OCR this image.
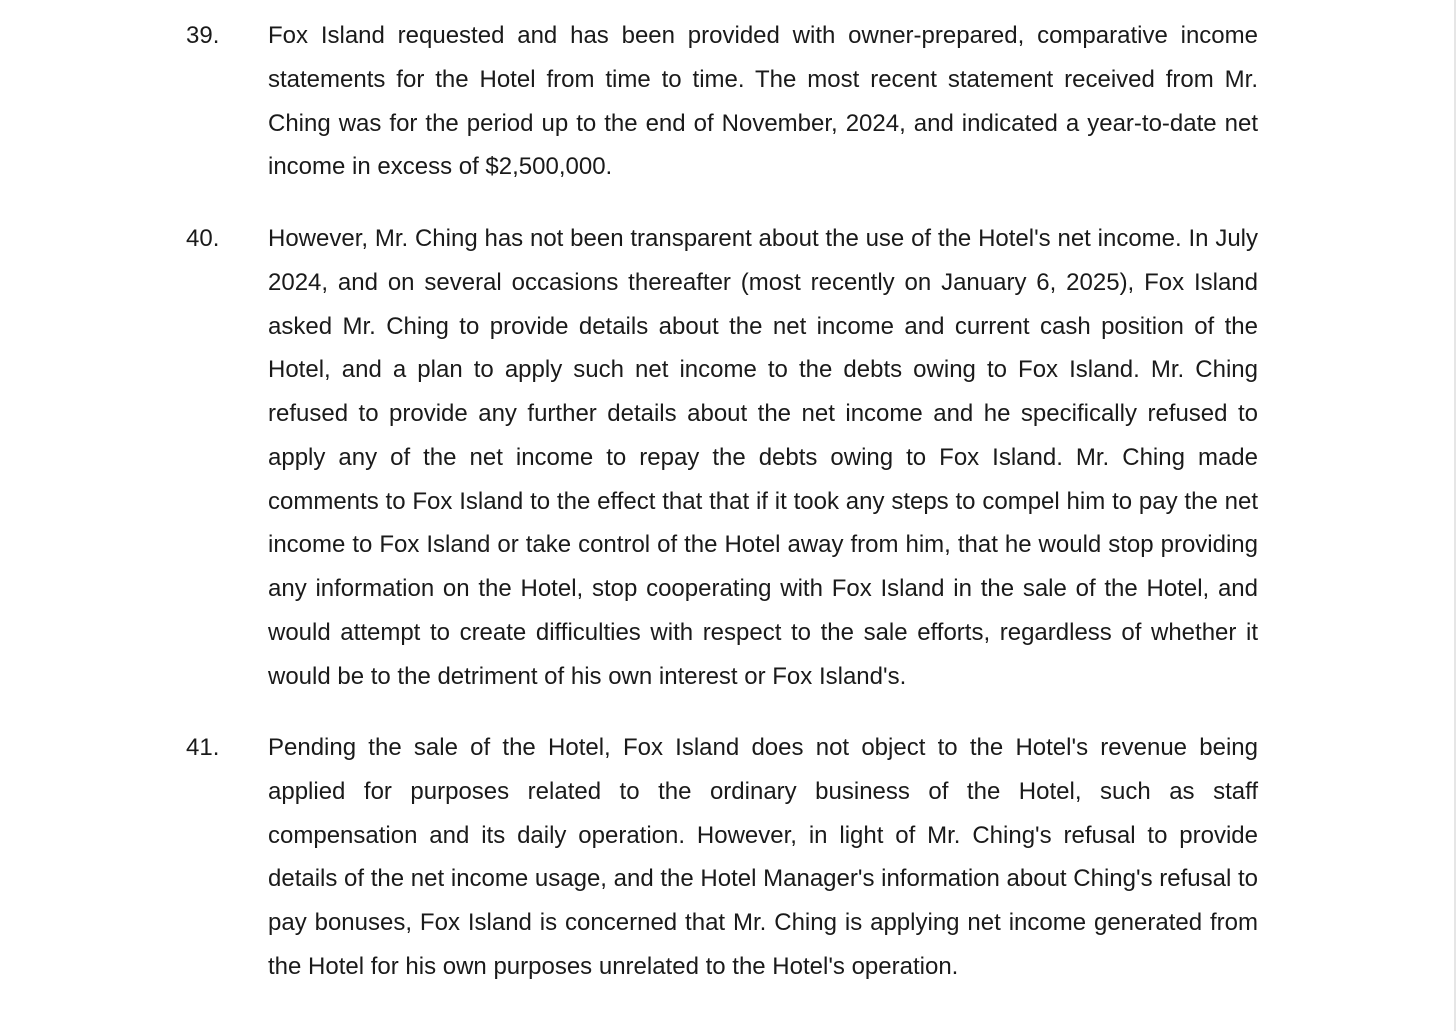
39. Fox Island requested and has been provided with owner-prepared, comparative income statements for the Hotel from time to time. The most recent statement received from Mr. Ching was for the period up to the end of November, 2024, and indicated a year-to-date net income in excess of $2,500,000.

40. However, Mr. Ching has not been transparent about the use of the Hotel's net income. In July 2024, and on several occasions thereafter (most recently on January 6, 2025), Fox Island asked Mr. Ching to provide details about the net income and current cash position of the Hotel, and a plan to apply such net income to the debts owing to Fox Island. Mr. Ching refused to provide any further details about the net income and he specifically refused to apply any of the net income to repay the debts owing to Fox Island. Mr. Ching made comments to Fox Island to the effect that that if it took any steps to compel him to pay the net income to Fox Island or take control of the Hotel away from him, that he would stop providing any information on the Hotel, stop cooperating with Fox Island in the sale of the Hotel, and would attempt to create difficulties with respect to the sale efforts, regardless of whether it would be to the detriment of his own interest or Fox Island's.

41. Pending the sale of the Hotel, Fox Island does not object to the Hotel's revenue being applied for purposes related to the ordinary business of the Hotel, such as staff compensation and its daily operation. However, in light of Mr. Ching's refusal to provide details of the net income usage, and the Hotel Manager's information about Ching's refusal to pay bonuses, Fox Island is concerned that Mr. Ching is applying net income generated from the Hotel for his own purposes unrelated to the Hotel's operation.
